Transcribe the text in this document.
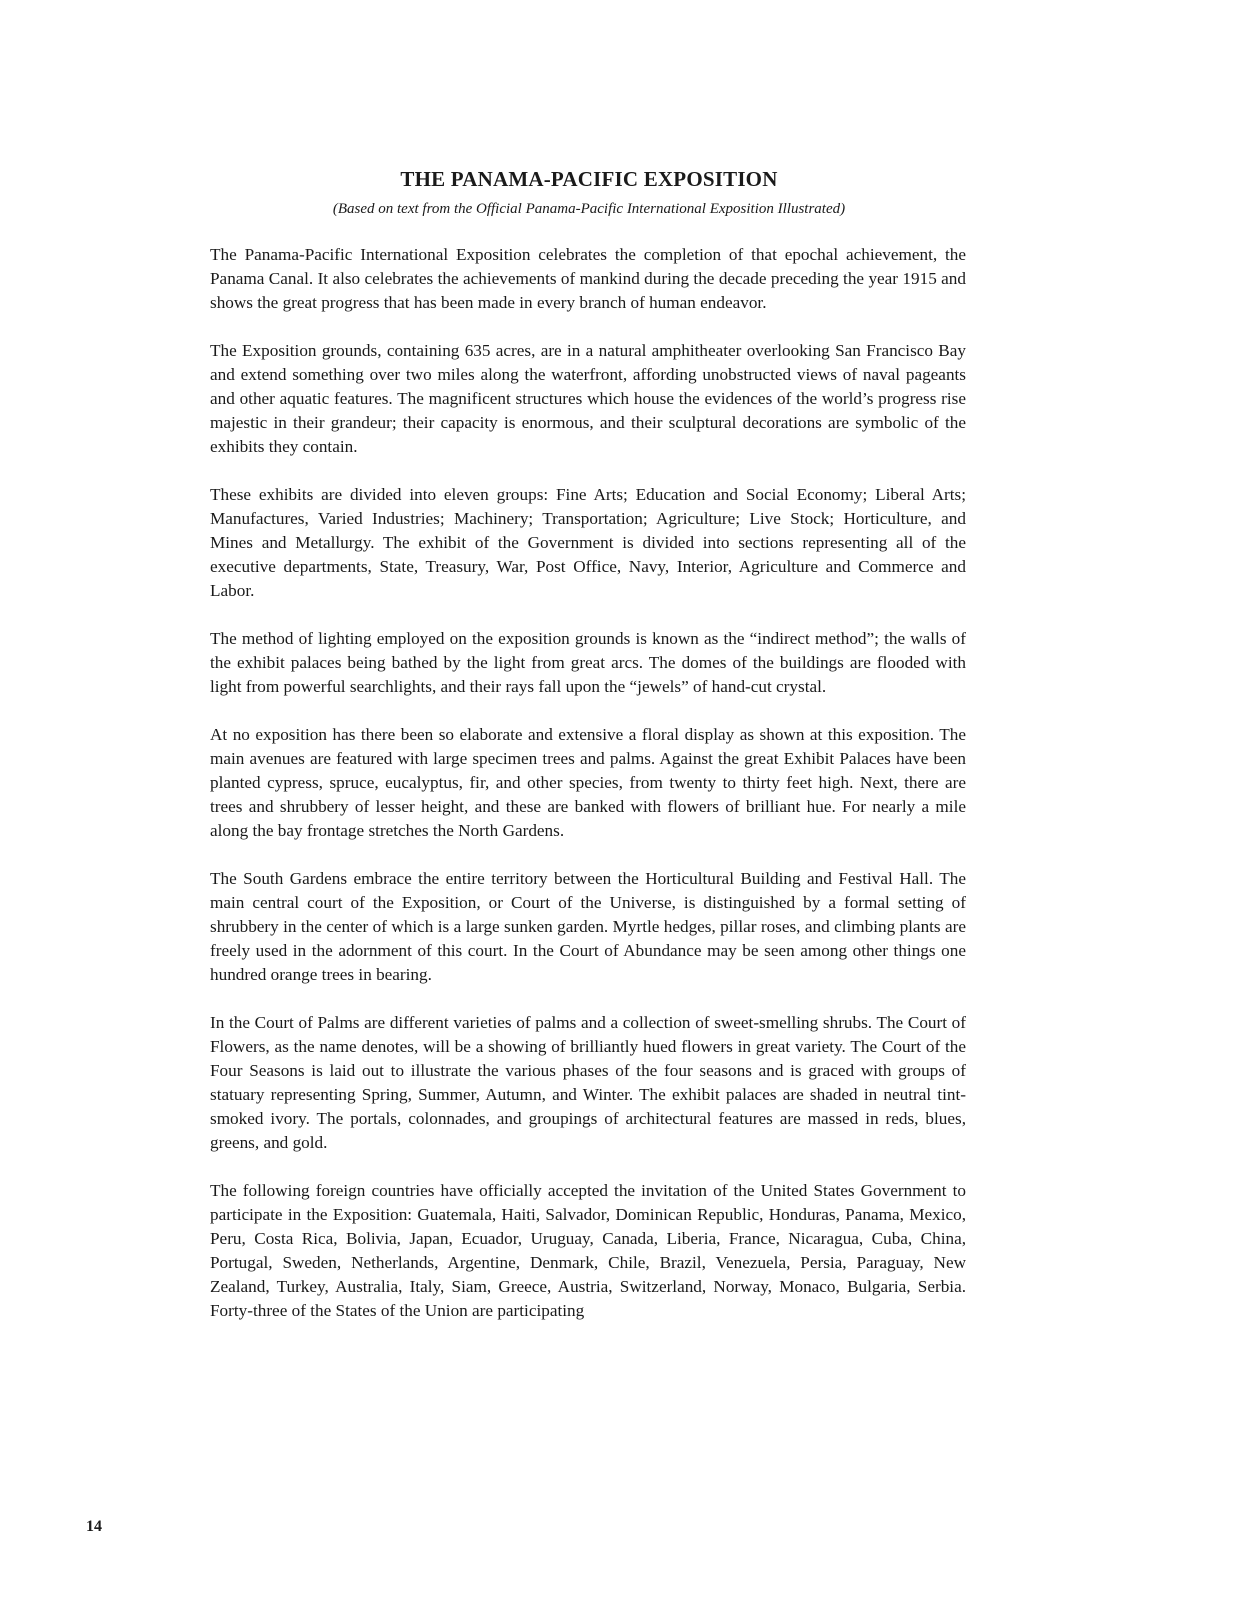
THE PANAMA-PACIFIC EXPOSITION

(Based on text from the Official Panama-Pacific International Exposition Illustrated)

The Panama-Pacific International Exposition celebrates the completion of that epochal achievement, the Panama Canal. It also celebrates the achievements of mankind during the decade preceding the year 1915 and shows the great progress that has been made in every branch of human endeavor.

The Exposition grounds, containing 635 acres, are in a natural amphitheater overlooking San Francisco Bay and extend something over two miles along the waterfront, affording unobstructed views of naval pageants and other aquatic features. The magnificent structures which house the evidences of the world’s progress rise majestic in their grandeur; their capacity is enormous, and their sculptural decorations are symbolic of the exhibits they contain.

These exhibits are divided into eleven groups: Fine Arts; Education and Social Economy; Liberal Arts; Manufactures, Varied Industries; Machinery; Transportation; Agriculture; Live Stock; Horticulture, and Mines and Metallurgy. The exhibit of the Government is divided into sections representing all of the executive departments, State, Treasury, War, Post Office, Navy, Interior, Agriculture and Commerce and Labor.

The method of lighting employed on the exposition grounds is known as the “indirect method”; the walls of the exhibit palaces being bathed by the light from great arcs. The domes of the buildings are flooded with light from powerful searchlights, and their rays fall upon the “jewels” of hand-cut crystal.

At no exposition has there been so elaborate and extensive a floral display as shown at this exposition. The main avenues are featured with large specimen trees and palms. Against the great Exhibit Palaces have been planted cypress, spruce, eucalyptus, fir, and other species, from twenty to thirty feet high. Next, there are trees and shrubbery of lesser height, and these are banked with flowers of brilliant hue. For nearly a mile along the bay frontage stretches the North Gardens.

The South Gardens embrace the entire territory between the Horticultural Building and Festival Hall. The main central court of the Exposition, or Court of the Universe, is distinguished by a formal setting of shrubbery in the center of which is a large sunken garden. Myrtle hedges, pillar roses, and climbing plants are freely used in the adornment of this court. In the Court of Abundance may be seen among other things one hundred orange trees in bearing.

In the Court of Palms are different varieties of palms and a collection of sweet-smelling shrubs. The Court of Flowers, as the name denotes, will be a showing of brilliantly hued flowers in great variety. The Court of the Four Seasons is laid out to illustrate the various phases of the four seasons and is graced with groups of statuary representing Spring, Summer, Autumn, and Winter. The exhibit palaces are shaded in neutral tint-smoked ivory. The portals, colonnades, and groupings of architectural features are massed in reds, blues, greens, and gold.

The following foreign countries have officially accepted the invitation of the United States Government to participate in the Exposition: Guatemala, Haiti, Salvador, Dominican Republic, Honduras, Panama, Mexico, Peru, Costa Rica, Bolivia, Japan, Ecuador, Uruguay, Canada, Liberia, France, Nicaragua, Cuba, China, Portugal, Sweden, Netherlands, Argentine, Denmark, Chile, Brazil, Venezuela, Persia, Paraguay, New Zealand, Turkey, Australia, Italy, Siam, Greece, Austria, Switzerland, Norway, Monaco, Bulgaria, Serbia. Forty-three of the States of the Union are participating

14
